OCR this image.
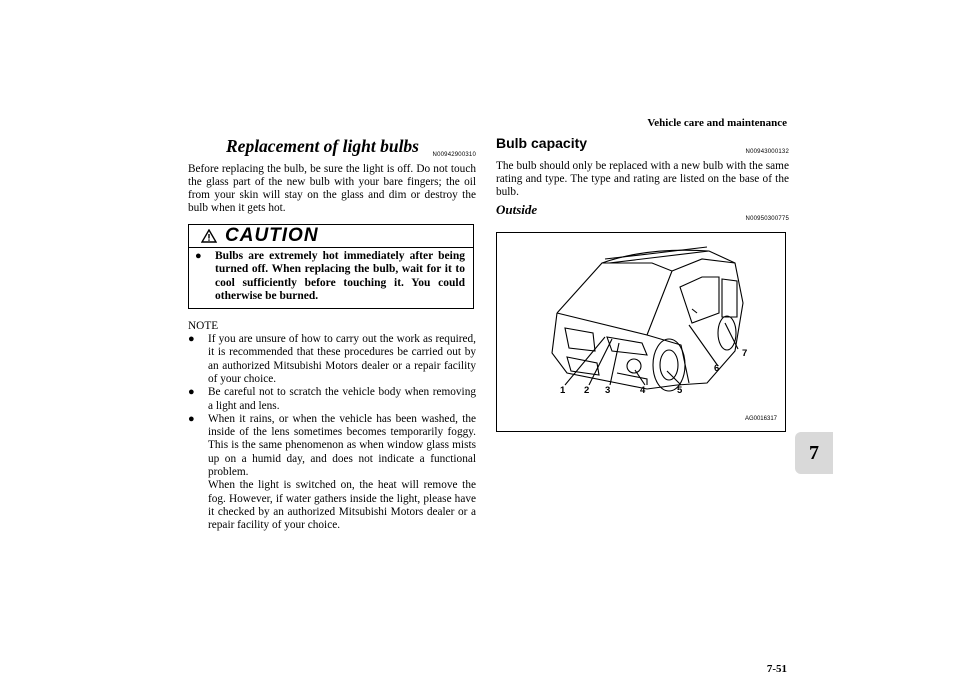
Vehicle care and maintenance
7-51
7
Replacement of light bulbs	N00942900310
Before replacing the bulb, be sure the light is off. Do not touch the glass part of the new bulb with your bare fingers; the oil from your skin will stay on the glass and dim or destroy the bulb when it gets hot.
CAUTION
●	Bulbs are extremely hot immediately after being turned off. When replacing the bulb, wait for it to cool sufficiently before touching it. You could otherwise be burned.
NOTE
●	If you are unsure of how to carry out the work as required, it is recommended that these procedures be carried out by an authorized Mitsubishi Motors dealer or a repair facility of your choice.
●	Be careful not to scratch the vehicle body when removing a light and lens.
●	When it rains, or when the vehicle has been washed, the inside of the lens sometimes becomes temporarily foggy. This is the same phenomenon as when window glass mists up on a humid day, and does not indicate a functional problem.
When the light is switched on, the heat will remove the fog. However, if water gathers inside the light, please have it checked by an authorized Mitsubishi Motors dealer or a repair facility of your choice.
Bulb capacity
N00943000132
The bulb should only be replaced with a new bulb with the same rating and type. The type and rating are listed on the base of the bulb.
Outside
N00950300775
1 2 3	4	5
6
7
AG0016317
